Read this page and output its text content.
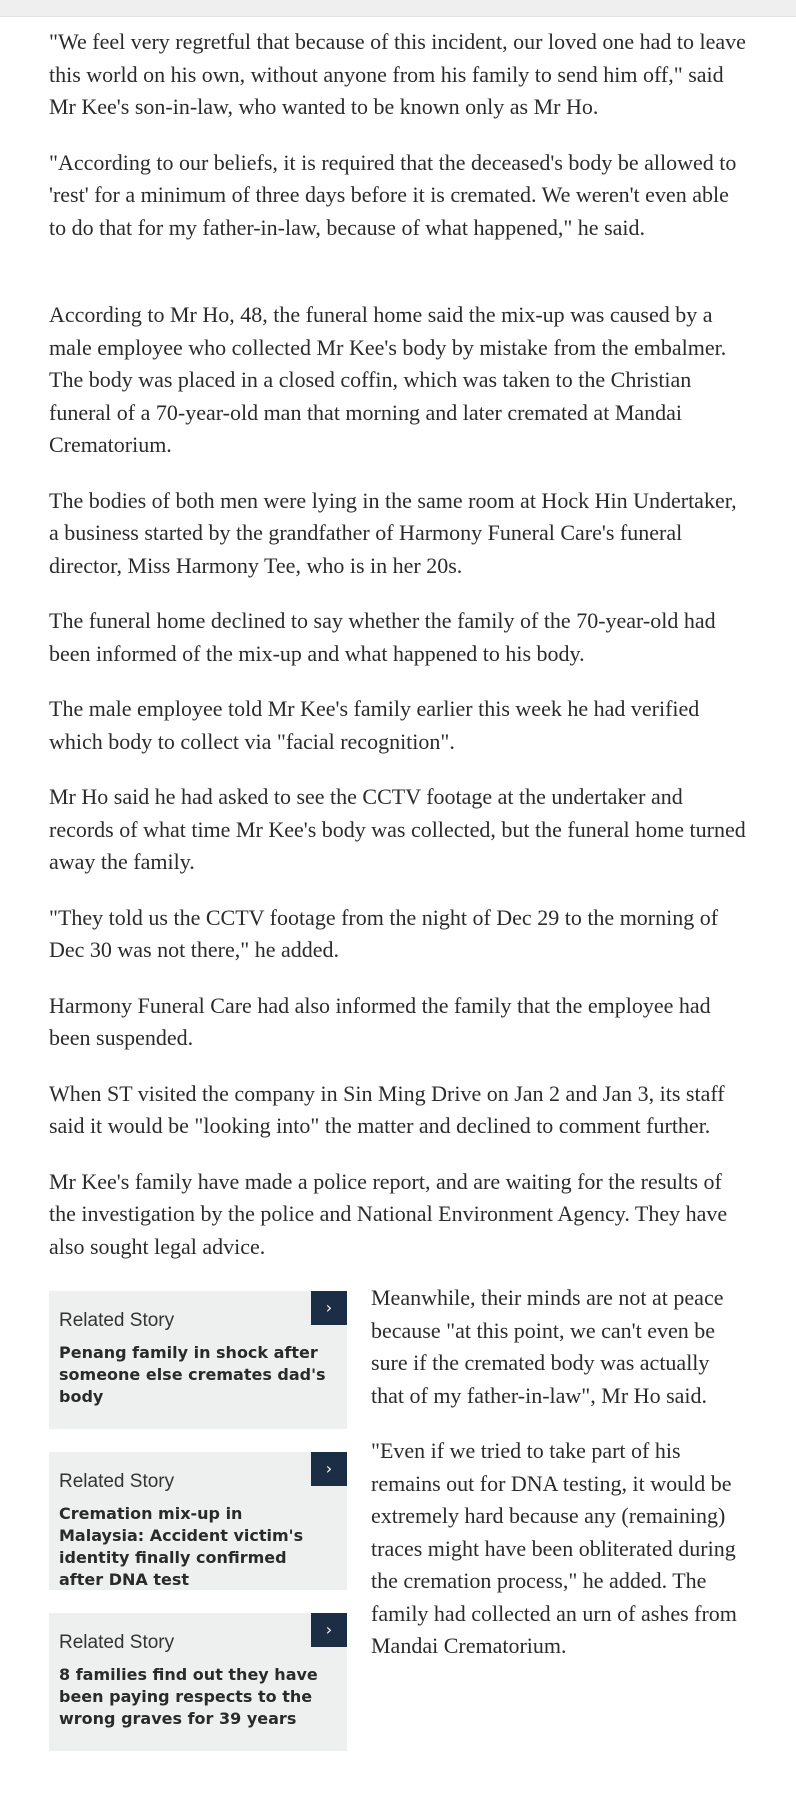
"We feel very regretful that because of this incident, our loved one had to leave this world on his own, without anyone from his family to send him off," said Mr Kee's son-in-law, who wanted to be known only as Mr Ho.

"According to our beliefs, it is required that the deceased's body be allowed to 'rest' for a minimum of three days before it is cremated. We weren't even able to do that for my father-in-law, because of what happened," he said.

According to Mr Ho, 48, the funeral home said the mix-up was caused by a male employee who collected Mr Kee's body by mistake from the embalmer. The body was placed in a closed coffin, which was taken to the Christian funeral of a 70-year-old man that morning and later cremated at Mandai Crematorium.

The bodies of both men were lying in the same room at Hock Hin Undertaker, a business started by the grandfather of Harmony Funeral Care's funeral director, Miss Harmony Tee, who is in her 20s.

The funeral home declined to say whether the family of the 70-year-old had been informed of the mix-up and what happened to his body.

The male employee told Mr Kee's family earlier this week he had verified which body to collect via "facial recognition".

Mr Ho said he had asked to see the CCTV footage at the undertaker and records of what time Mr Kee's body was collected, but the funeral home turned away the family.

"They told us the CCTV footage from the night of Dec 29 to the morning of Dec 30 was not there," he added.

Harmony Funeral Care had also informed the family that the employee had been suspended.

When ST visited the company in Sin Ming Drive on Jan 2 and Jan 3, its staff said it would be "looking into" the matter and declined to comment further.

Mr Kee's family have made a police report, and are waiting for the results of the investigation by the police and National Environment Agency. They have also sought legal advice.

›
Related Story
Penang family in shock after someone else cremates dad's body
›
Related Story
Cremation mix-up in Malaysia: Accident victim's identity finally confirmed after DNA test
›
Related Story
8 families find out they have been paying respects to the wrong graves for 39 years

Meanwhile, their minds are not at peace because "at this point, we can't even be sure if the cremated body was actually that of my father-in-law", Mr Ho said.

"Even if we tried to take part of his remains out for DNA testing, it would be extremely hard because any (remaining) traces might have been obliterated during the cremation process," he added. The family had collected an urn of ashes from Mandai Crematorium.
